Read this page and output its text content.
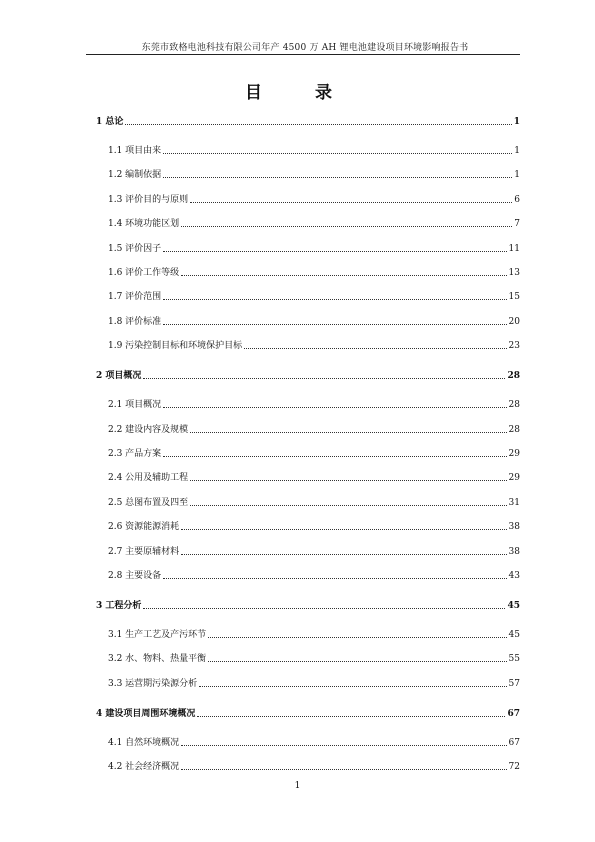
东莞市致格电池科技有限公司年产 4500 万 AH 锂电池建设项目环境影响报告书
目　录
1 总论	1
1.1 项目由来	1
1.2 编制依据	1
1.3 评价目的与原则	6
1.4 环境功能区划	7
1.5 评价因子	11
1.6 评价工作等级	13
1.7 评价范围	15
1.8 评价标准	20
1.9 污染控制目标和环境保护目标	23
2 项目概况	28
2.1 项目概况	28
2.2 建设内容及规模	28
2.3 产品方案	29
2.4 公用及辅助工程	29
2.5 总图布置及四至	31
2.6 资源能源消耗	38
2.7 主要原辅材料	38
2.8 主要设备	43
3 工程分析	45
3.1 生产工艺及产污环节	45
3.2 水、物料、热量平衡	55
3.3 运营期污染源分析	57
4 建设项目周围环境概况	67
4.1 自然环境概况	67
4.2 社会经济概况	72
1
